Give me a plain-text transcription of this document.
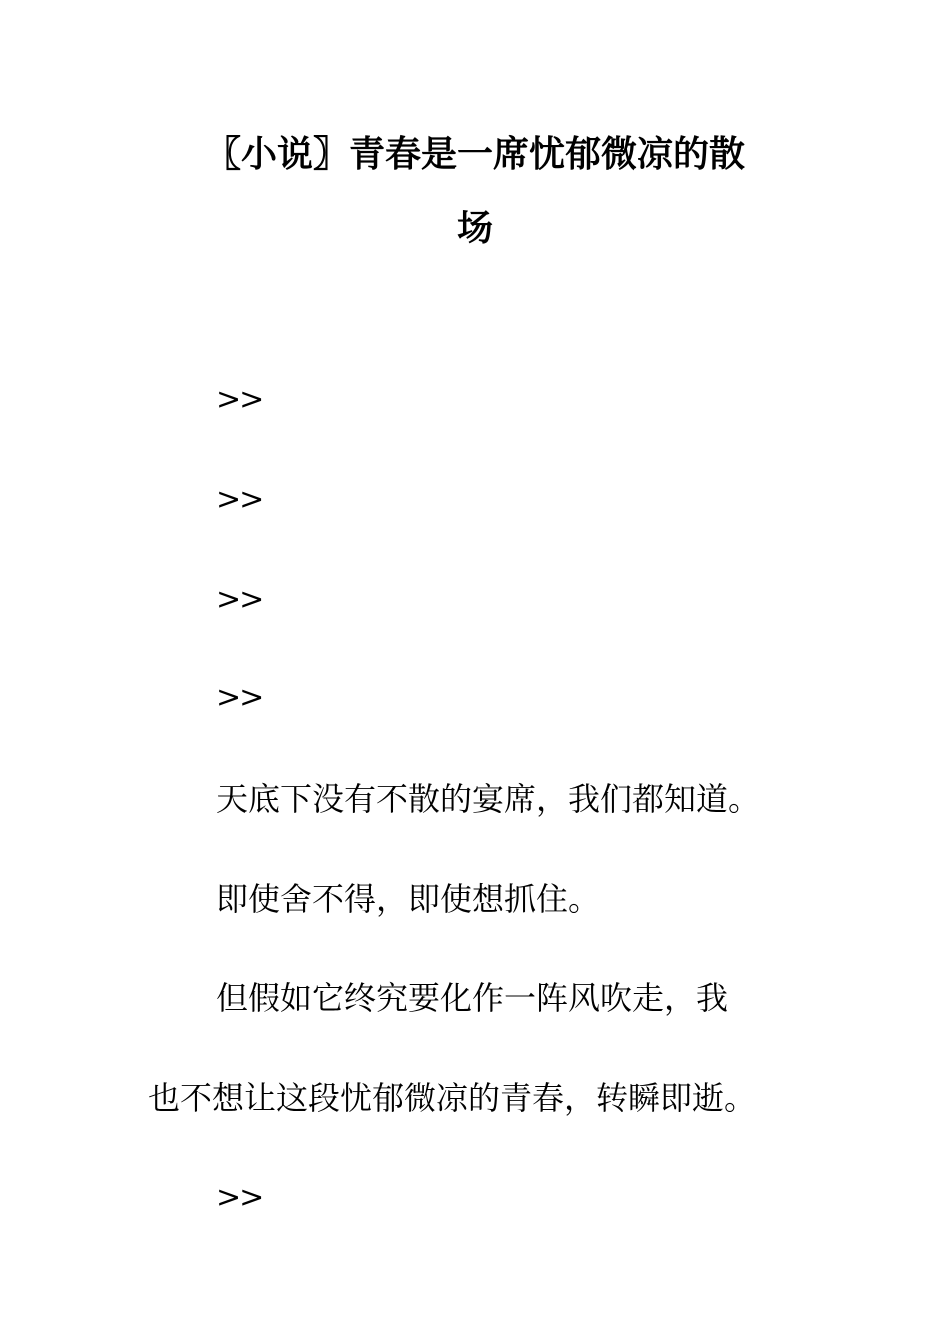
〖小说〗青春是一席忧郁微凉的散
场
>>
>>
>>
>>
天底下没有不散的宴席，我们都知道。
即使舍不得，即使想抓住。
但假如它终究要化作一阵风吹走，我
也不想让这段忧郁微凉的青春，转瞬即逝。
>>
